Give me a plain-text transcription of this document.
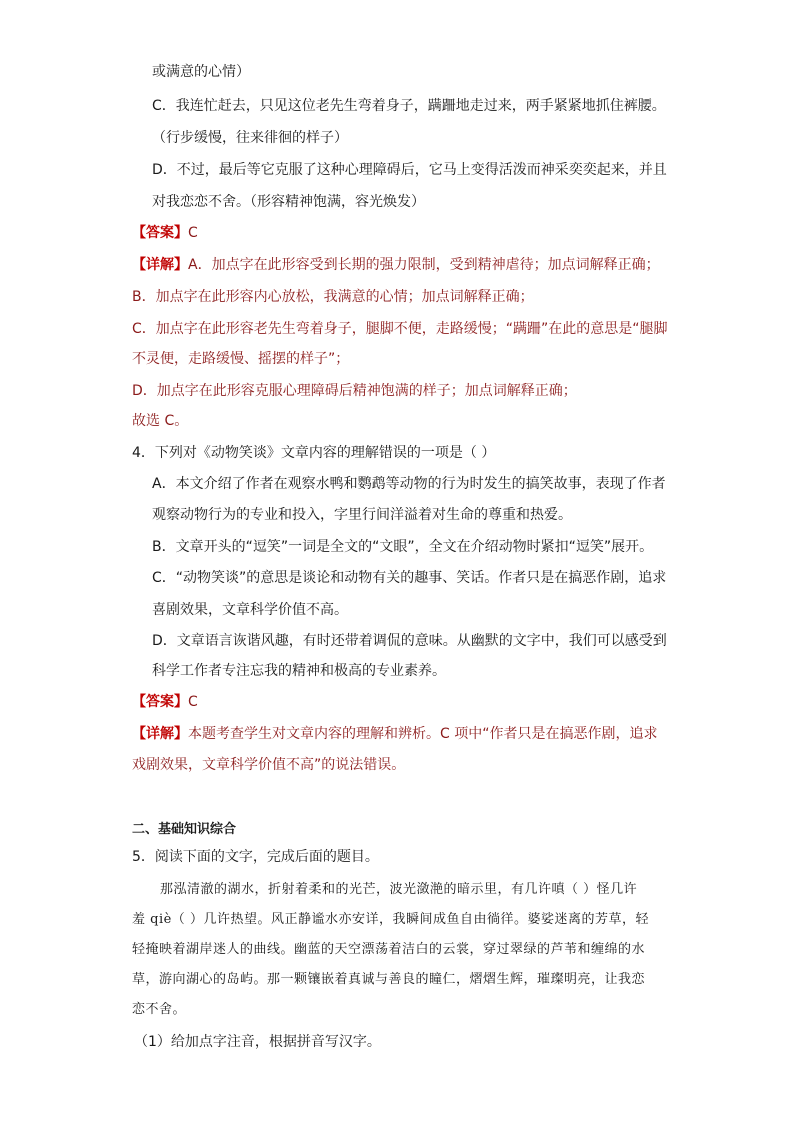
或满意的心情）
C．我连忙赶去，只见这位老先生弯着身子，蹒跚地走过来，两手紧紧地抓住裤腰。
（行步缓慢，往来徘徊的样子）
D．不过，最后等它克服了这种心理障碍后，它马上变得活泼而神采奕奕起来，并且
对我恋恋不舍。（形容精神饱满，容光焕发）
【答案】C
【详解】A．加点字在此形容受到长期的强力限制，受到精神虐待；加点词解释正确；
B．加点字在此形容内心放松，我满意的心情；加点词解释正确；
C．加点字在此形容老先生弯着身子，腿脚不便，走路缓慢；“蹒跚”在此的意思是“腿脚
不灵便，走路缓慢、摇摆的样子”；
D．加点字在此形容克服心理障碍后精神饱满的样子；加点词解释正确；
故选 C。
4．下列对《动物笑谈》文章内容的理解错误的一项是（ ）
A．本文介绍了作者在观察水鸭和鹦鹉等动物的行为时发生的搞笑故事，表现了作者
观察动物行为的专业和投入，字里行间洋溢着对生命的尊重和热爱。
B．文章开头的“逗笑”一词是全文的“文眼”，全文在介绍动物时紧扣“逗笑”展开。
C．“动物笑谈”的意思是谈论和动物有关的趣事、笑话。作者只是在搞恶作剧，追求
喜剧效果，文章科学价值不高。
D．文章语言诙谐风趣，有时还带着调侃的意味。从幽默的文字中，我们可以感受到
科学工作者专注忘我的精神和极高的专业素养。
【答案】C
【详解】本题考查学生对文章内容的理解和辨析。C 项中“作者只是在搞恶作剧，追求
戏剧效果，文章科学价值不高”的说法错误。
二、基础知识综合
5．阅读下面的文字，完成后面的题目。
那泓清澈的湖水，折射着柔和的光芒，波光潋滟的暗示里，有几许嗔（ ）怪几许
羞 qiè（ ）几许热望。风正静谧水亦安详，我瞬间成鱼自由徜徉。婆娑迷离的芳草，轻
轻掩映着湖岸迷人的曲线。幽蓝的天空漂荡着洁白的云裳，穿过翠绿的芦苇和缠绵的水
草，游向湖心的岛屿。那一颗镶嵌着真诚与善良的瞳仁，熠熠生辉，璀璨明亮，让我恋
恋不舍。
（1）给加点字注音，根据拼音写汉字。
